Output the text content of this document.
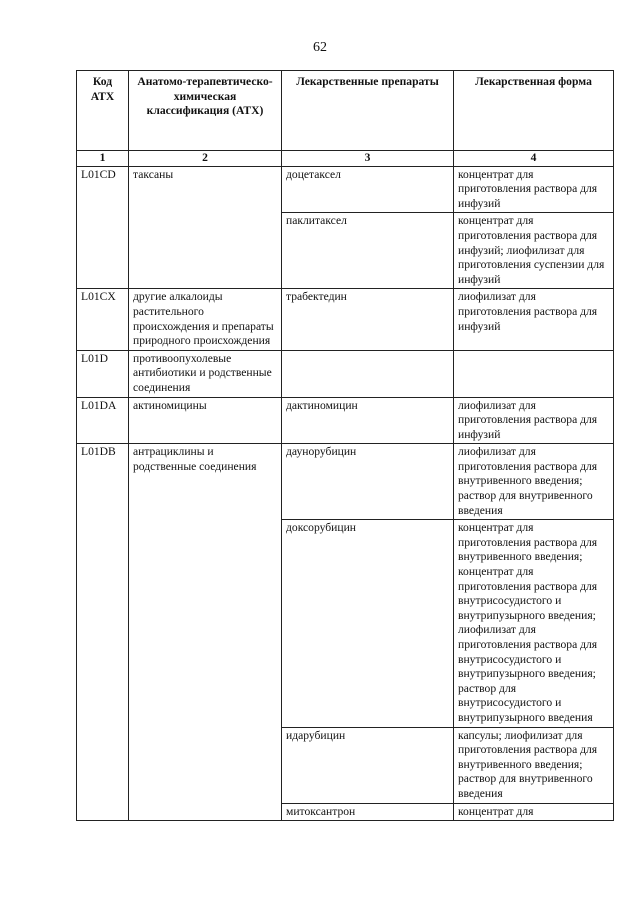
62
Код АТХ	Анатомо-терапевтическо-химическая классификация (АТХ)	Лекарственные препараты	Лекарственная форма
1	2	3	4
L01CD	таксаны	доцетаксел	концентрат для приготовления раствора для инфузий
		паклитаксел	концентрат для приготовления раствора для инфузий; лиофилизат для приготовления суспензии для инфузий
L01CX	другие алкалоиды растительного происхождения и препараты природного происхождения	трабектедин	лиофилизат для приготовления раствора для инфузий
L01D	противоопухолевые антибиотики и родственные соединения		
L01DA	актиномицины	дактиномицин	лиофилизат для приготовления раствора для инфузий
L01DB	антрациклины и родственные соединения	даунорубицин	лиофилизат для приготовления раствора для внутривенного введения; раствор для внутривенного введения
		доксорубицин	концентрат для приготовления раствора для внутривенного введения; концентрат для приготовления раствора для внутрисосудистого и внутрипузырного введения; лиофилизат для приготовления раствора для внутрисосудистого и внутрипузырного введения; раствор для внутрисосудистого и внутрипузырного введения
		идарубицин	капсулы; лиофилизат для приготовления раствора для внутривенного введения; раствор для внутривенного введения
		митоксантрон	концентрат для
